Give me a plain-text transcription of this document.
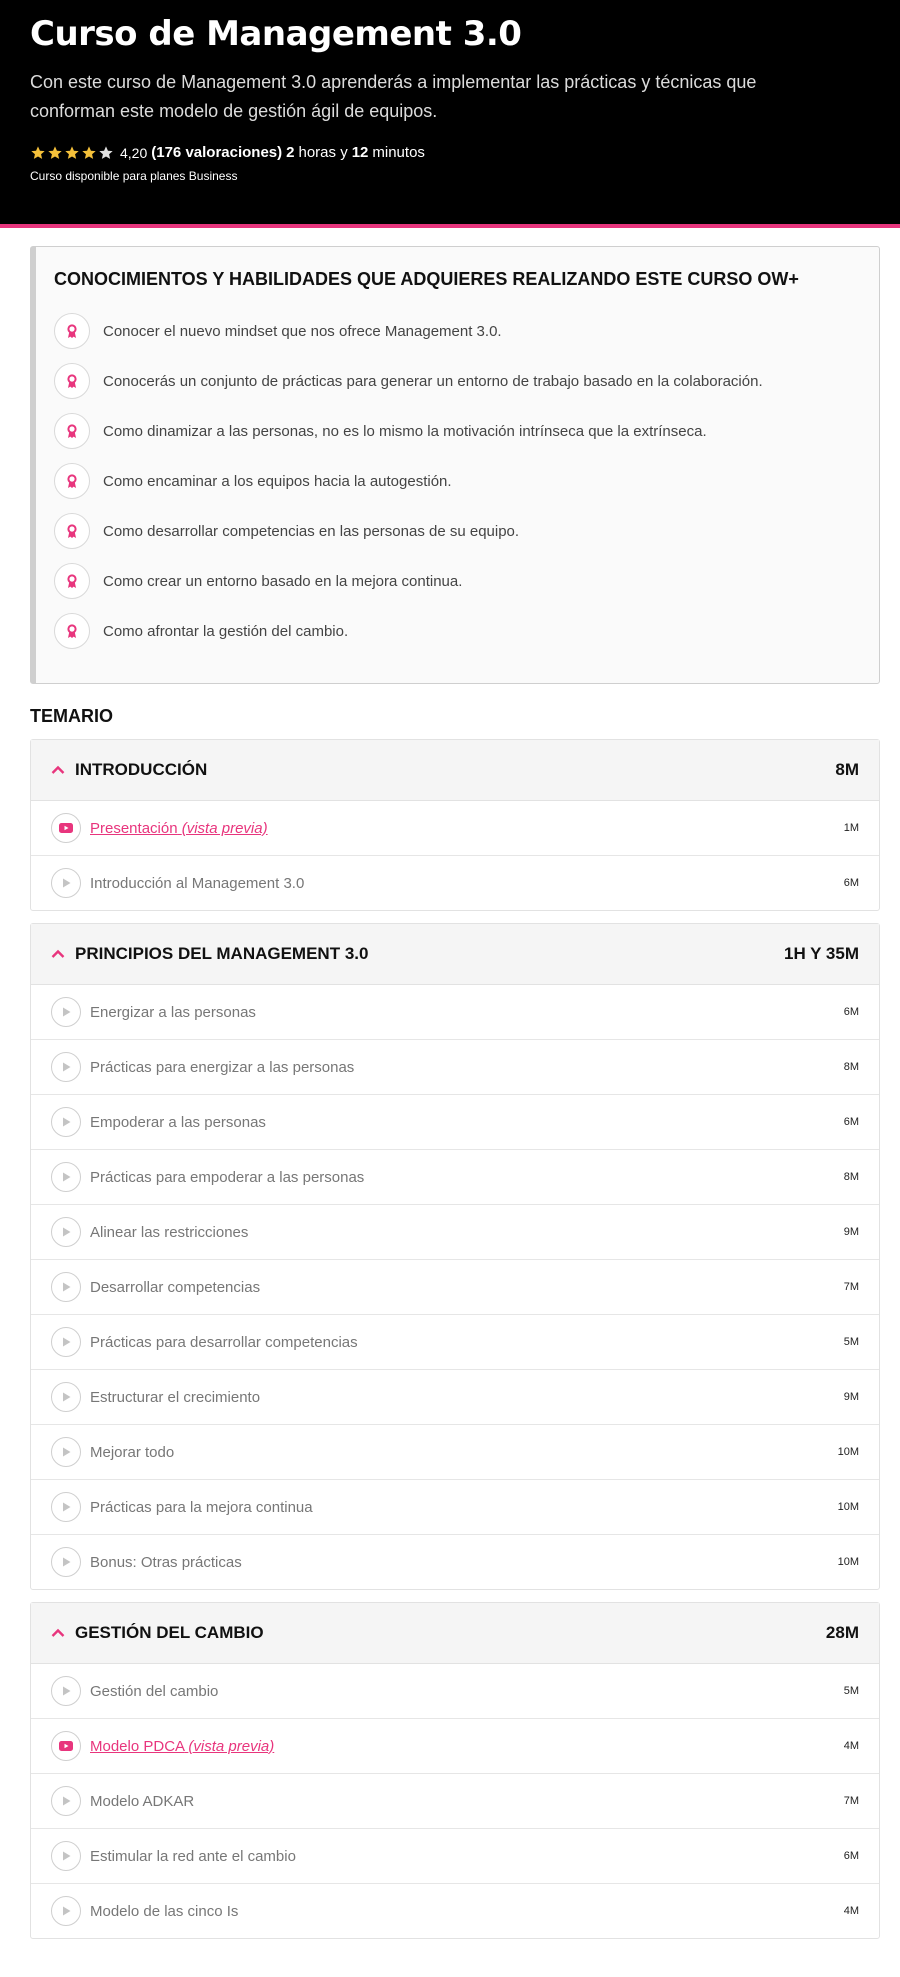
Curso de Management 3.0
Con este curso de Management 3.0 aprenderás a implementar las prácticas y técnicas que conforman este modelo de gestión ágil de equipos.
4,20 (176 valoraciones) 2 horas y 12 minutos
Curso disponible para planes Business
CONOCIMIENTOS Y HABILIDADES QUE ADQUIERES REALIZANDO ESTE CURSO OW+
Conocer el nuevo mindset que nos ofrece Management 3.0.
Conocerás un conjunto de prácticas para generar un entorno de trabajo basado en la colaboración.
Como dinamizar a las personas, no es lo mismo la motivación intrínseca que la extrínseca.
Como encaminar a los equipos hacia la autogestión.
Como desarrollar competencias en las personas de su equipo.
Como crear un entorno basado en la mejora continua.
Como afrontar la gestión del cambio.
TEMARIO
INTRODUCCIÓN	8M
Presentación (vista previa)	1M
Introducción al Management 3.0	6M
PRINCIPIOS DEL MANAGEMENT 3.0	1H Y 35M
Energizar a las personas	6M
Prácticas para energizar a las personas	8M
Empoderar a las personas	6M
Prácticas para empoderar a las personas	8M
Alinear las restricciones	9M
Desarrollar competencias	7M
Prácticas para desarrollar competencias	5M
Estructurar el crecimiento	9M
Mejorar todo	10M
Prácticas para la mejora continua	10M
Bonus: Otras prácticas	10M
GESTIÓN DEL CAMBIO	28M
Gestión del cambio	5M
Modelo PDCA (vista previa)	4M
Modelo ADKAR	7M
Estimular la red ante el cambio	6M
Modelo de las cinco Is	4M
